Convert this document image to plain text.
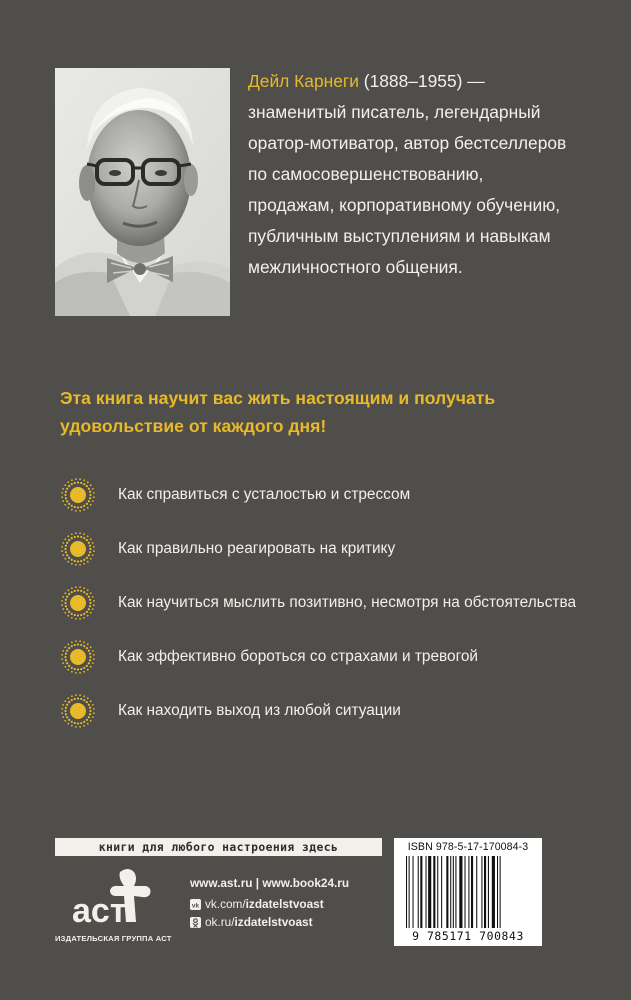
Дейл Карнеги (1888–1955) —
знаменитый писатель, легендарный
оратор-мотиватор, автор бестселлеров
по самосовершенствованию,
продажам, корпоративному обучению,
публичным выступлениям и навыкам
межличностного общения.
Эта книга научит вас жить настоящим и получать
удовольствие от каждого дня!
Как справиться с усталостью и стрессом
Как правильно реагировать на критику
Как научиться мыслить позитивно, несмотря на обстоятельства
Как эффективно бороться со страхами и тревогой
Как находить выход из любой ситуации
книги для любого настроения здесь
аст
ИЗДАТЕЛЬСКАЯ ГРУППА АСТ
www.ast.ru | www.book24.ru
vk vk.com/ izdatelstvoast
ok.ru/ izdatelstvoast
ISBN 978-5-17-170084-3
9 785171 700843
